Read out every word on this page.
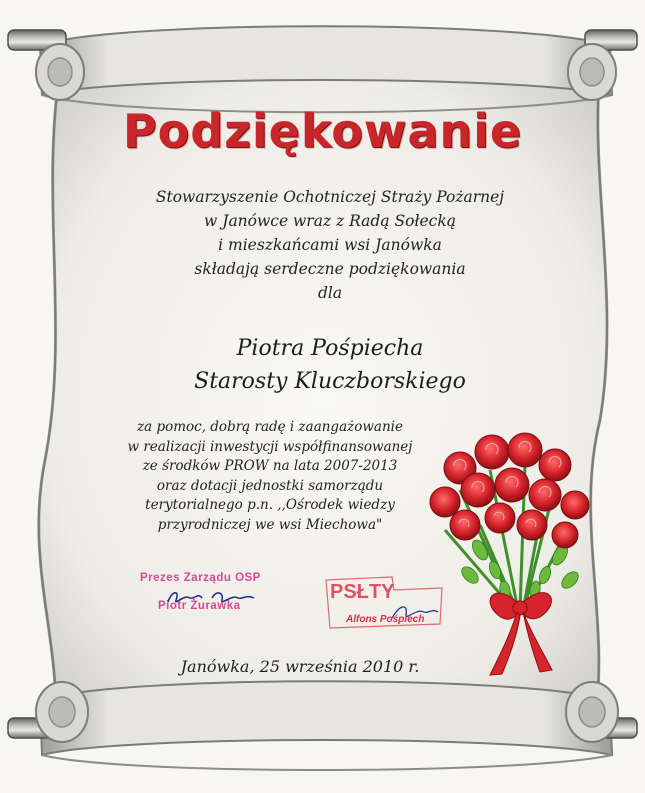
Podziękowanie
Stowarzyszenie Ochotniczej Straży Pożarnej
w Janówce wraz z Radą Sołecką
i mieszkańcami wsi Janówka
składają serdeczne podziękowania
dla
Piotra Pośpiecha
Starosty Kluczborskiego
za pomoc, dobrą radę i zaangażowanie
w realizacji inwestycji współfinansowanej
ze środków PROW na lata 2007-2013
oraz dotacji jednostki samorządu
terytorialnego p.n. ,,Ośrodek wiedzy
przyrodniczej we wsi Miechowa"
Prezes Zarządu OSP
Piotr Żurawka
PSŁTY
Alfons Pośpiech
Janówka, 25 września 2010 r.
